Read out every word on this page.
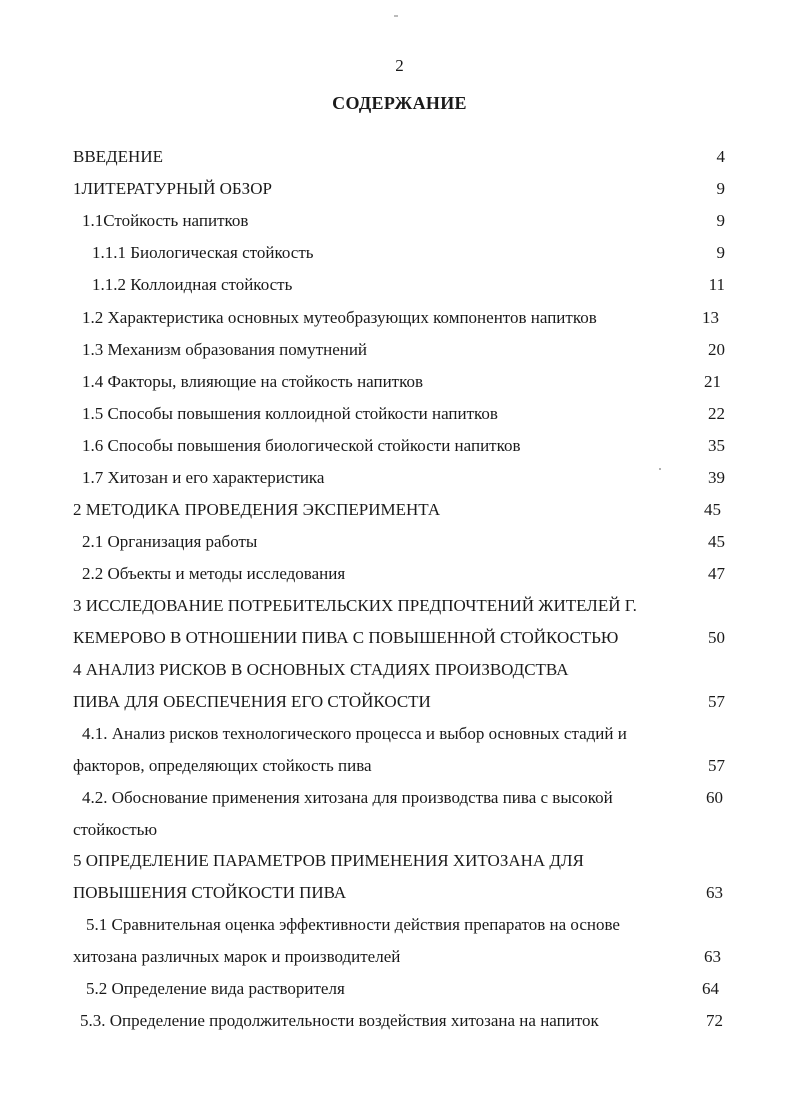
2
СОДЕРЖАНИЕ
ВВЕДЕНИЕ	4
1ЛИТЕРАТУРНЫЙ ОБЗОР	9
1.1Стойкость напитков	9
1.1.1 Биологическая стойкость	9
1.1.2 Коллоидная стойкость	11
1.2 Характеристика основных мутеобразующих компонентов напитков	13
1.3 Механизм образования помутнений	20
1.4 Факторы, влияющие на стойкость напитков	21
1.5 Способы повышения коллоидной стойкости напитков	22
1.6 Способы повышения биологической стойкости напитков	35
1.7 Хитозан и его характеристика	39
2 МЕТОДИКА ПРОВЕДЕНИЯ ЭКСПЕРИМЕНТА	45
2.1 Организация работы	45
2.2 Объекты и методы исследования	47
3 ИССЛЕДОВАНИЕ ПОТРЕБИТЕЛЬСКИХ ПРЕДПОЧТЕНИЙ ЖИТЕЛЕЙ Г.
КЕМЕРОВО В ОТНОШЕНИИ ПИВА С ПОВЫШЕННОЙ СТОЙКОСТЬЮ	50
4 АНАЛИЗ РИСКОВ В ОСНОВНЫХ СТАДИЯХ ПРОИЗВОДСТВА
ПИВА ДЛЯ ОБЕСПЕЧЕНИЯ ЕГО СТОЙКОСТИ	57
4.1. Анализ рисков технологического процесса и выбор основных стадий и
факторов, определяющих стойкость пива	57
4.2. Обоснование применения хитозана для производства пива с высокой	60
стойкостью
5 ОПРЕДЕЛЕНИЕ ПАРАМЕТРОВ ПРИМЕНЕНИЯ ХИТОЗАНА ДЛЯ
ПОВЫШЕНИЯ СТОЙКОСТИ ПИВА	63
5.1 Сравнительная оценка эффективности действия препаратов на основе
хитозана различных марок и производителей	63
5.2 Определение вида растворителя	64
5.3. Определение продолжительности воздействия хитозана на напиток	72
